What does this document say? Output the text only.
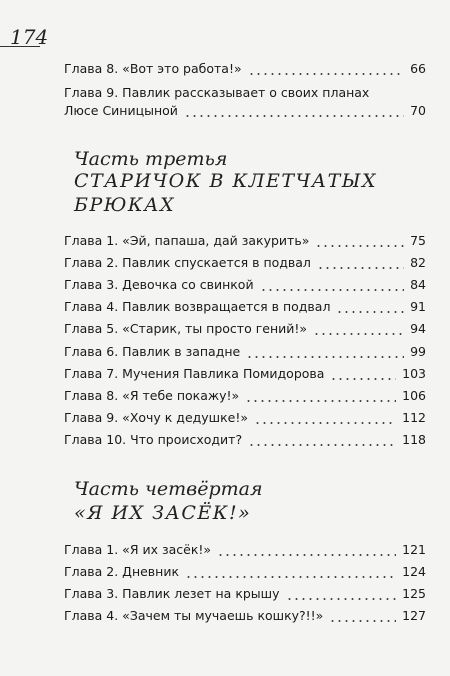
174
Глава 8. «Вот это работа!»	66
Глава 9. Павлик рассказывает о своих планах
Люсе Синицыной	70
Часть третья
СТАРИЧОК В КЛЕТЧАТЫХ
БРЮКАХ
Глава 1. «Эй, папаша, дай закурить»	75
Глава 2. Павлик спускается в подвал	82
Глава 3. Девочка со свинкой	84
Глава 4. Павлик возвращается в подвал	91
Глава 5. «Старик, ты просто гений!»	94
Глава 6. Павлик в западне	99
Глава 7. Мучения Павлика Помидорова	103
Глава 8. «Я тебе покажу!»	106
Глава 9. «Хочу к дедушке!»	112
Глава 10. Что происходит?	118
Часть четвёртая
«Я ИХ ЗАСЁК!»
Глава 1. «Я их засёк!»	121
Глава 2. Дневник	124
Глава 3. Павлик лезет на крышу	125
Глава 4. «Зачем ты мучаешь кошку?!!»	127
